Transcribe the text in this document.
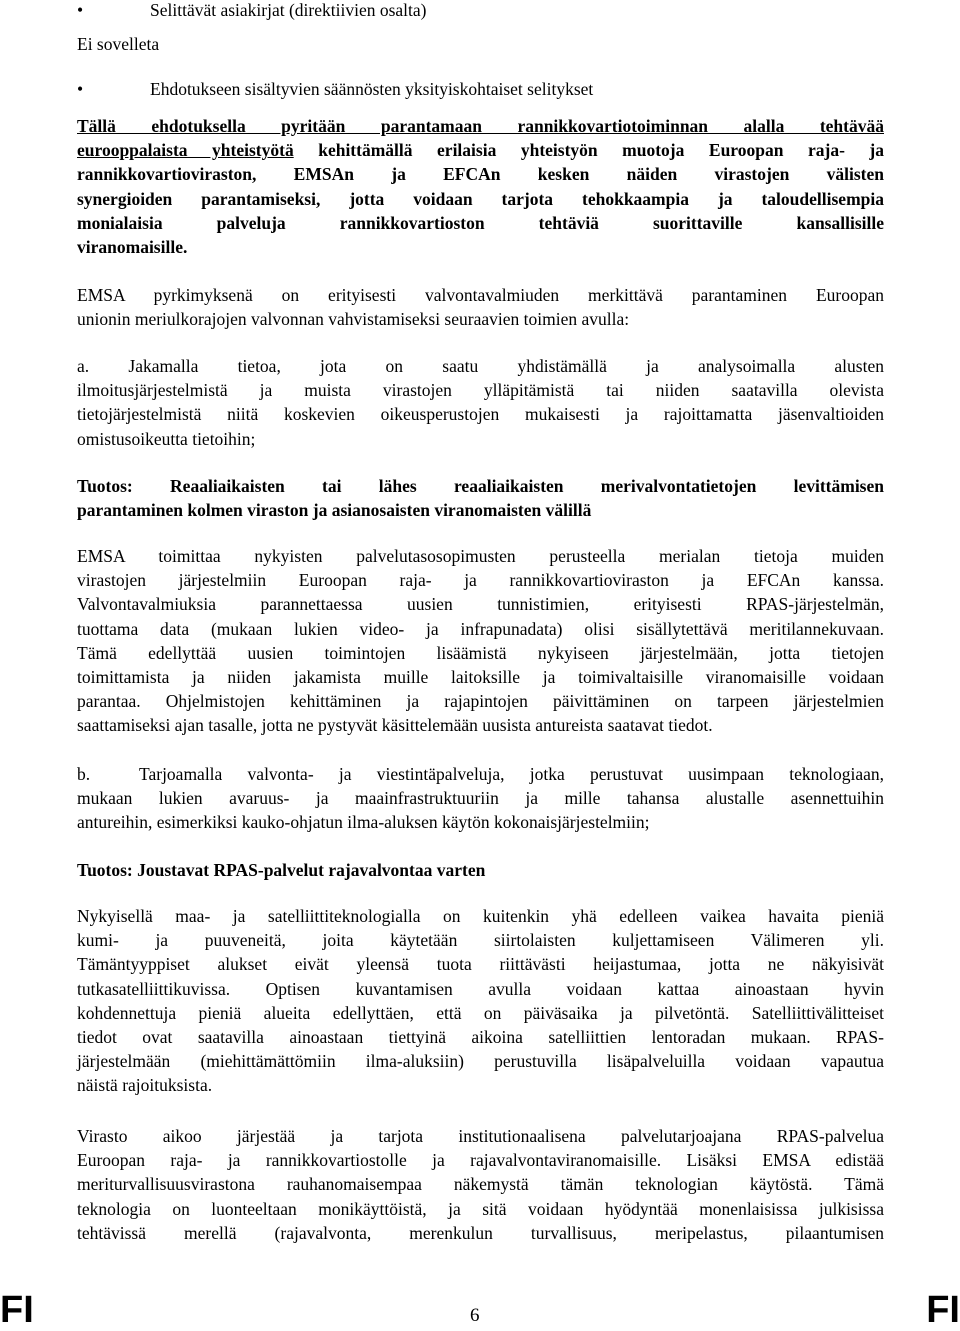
•	Selittävät asiakirjat (direktiivien osalta)
Ei sovelleta
•	Ehdotukseen sisältyvien säännösten yksityiskohtaiset selitykset
Tällä ehdotuksella pyritään parantamaan rannikkovartiotoiminnan alalla tehtävää
eurooppalaista yhteistyötä kehittämällä erilaisia yhteistyön muotoja Euroopan raja- ja
rannikkovartioviraston, EMSAn ja EFCAn kesken näiden virastojen välisten
synergioiden parantamiseksi, jotta voidaan tarjota tehokkaampia ja taloudellisempia
monialaisia palveluja rannikkovartioston tehtäviä suorittaville kansallisille
viranomaisille.
EMSA pyrkimyksenä on erityisesti valvontavalmiuden merkittävä parantaminen Euroopan
unionin meriulkorajojen valvonnan vahvistamiseksi seuraavien toimien avulla:
a. Jakamalla tietoa, jota on saatu yhdistämällä ja analysoimalla alusten
ilmoitusjärjestelmistä ja muista virastojen ylläpitämistä tai niiden saatavilla olevista
tietojärjestelmistä niitä koskevien oikeusperustojen mukaisesti ja rajoittamatta jäsenvaltioiden
omistusoikeutta tietoihin;
Tuotos: Reaaliaikaisten tai lähes reaaliaikaisten merivalvontatietojen levittämisen
parantaminen kolmen viraston ja asianosaisten viranomaisten välillä
EMSA toimittaa nykyisten palvelutasosopimusten perusteella merialan tietoja muiden
virastojen järjestelmiin Euroopan raja- ja rannikkovartioviraston ja EFCAn kanssa.
Valvontavalmiuksia parannettaessa uusien tunnistimien, erityisesti RPAS-järjestelmän,
tuottama data (mukaan lukien video- ja infrapunadata) olisi sisällytettävä meritilannekuvaan.
Tämä edellyttää uusien toimintojen lisäämistä nykyiseen järjestelmään, jotta tietojen
toimittamista ja niiden jakamista muille laitoksille ja toimivaltaisille viranomaisille voidaan
parantaa. Ohjelmistojen kehittäminen ja rajapintojen päivittäminen on tarpeen järjestelmien
saattamiseksi ajan tasalle, jotta ne pystyvät käsittelemään uusista antureista saatavat tiedot.
b.	Tarjoamalla valvonta- ja viestintäpalveluja, jotka perustuvat uusimpaan teknologiaan,
mukaan lukien avaruus- ja maainfrastruktuuriin ja mille tahansa alustalle asennettuihin
antureihin, esimerkiksi kauko-ohjatun ilma-aluksen käytön kokonaisjärjestelmiin;
Tuotos: Joustavat RPAS-palvelut rajavalvontaa varten
Nykyisellä maa- ja satelliittiteknologialla on kuitenkin yhä edelleen vaikea havaita pieniä
kumi- ja puuveneitä, joita käytetään siirtolaisten kuljettamiseen Välimeren yli.
Tämäntyyppiset alukset eivät yleensä tuota riittävästi heijastumaa, jotta ne näkyisivät
tutkasatelliittikuvissa. Optisen kuvantamisen avulla voidaan kattaa ainoastaan hyvin
kohdennettuja pieniä alueita edellyttäen, että on päiväsaika ja pilvetöntä. Satelliittivälitteiset
tiedot ovat saatavilla ainoastaan tiettyinä aikoina satelliittien lentoradan mukaan. RPAS-
järjestelmään (miehittämättömiin ilma-aluksiin) perustuvilla lisäpalveluilla voidaan vapautua
näistä rajoituksista.
Virasto aikoo järjestää ja tarjota institutionaalisena palvelutarjoajana RPAS-palvelua
Euroopan raja- ja rannikkovartiostolle ja rajavalvontaviranomaisille. Lisäksi EMSA edistää
meriturvallisuusvirastona rauhanomaisempaa näkemystä tämän teknologian käytöstä. Tämä
teknologia on luonteeltaan monikäyttöistä, ja sitä voidaan hyödyntää monenlaisissa julkisissa
tehtävissä merellä (rajavalvonta, merenkulun turvallisuus, meripelastus, pilaantumisen
FI	6	FI
